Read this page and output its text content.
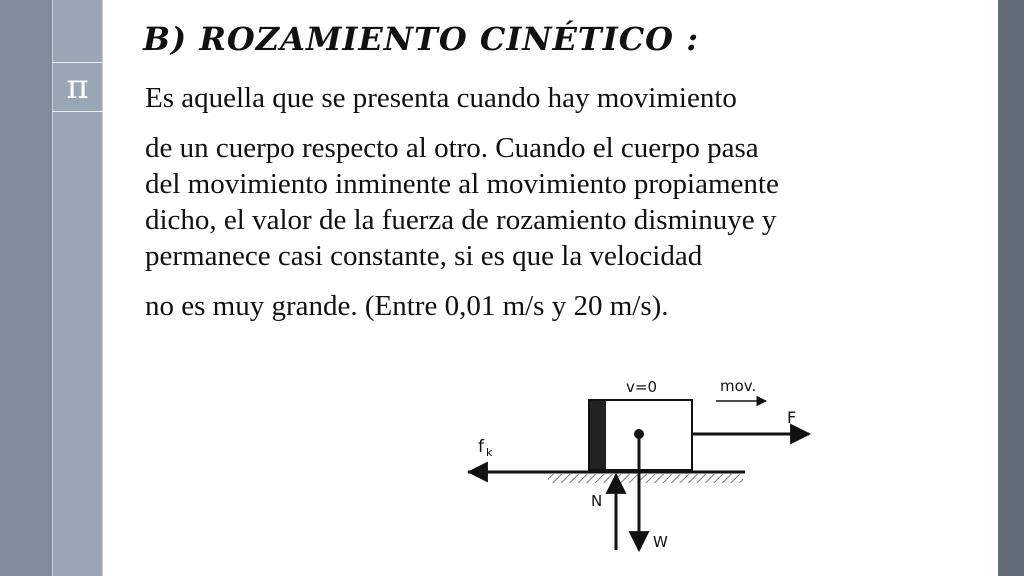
π
B) ROZAMIENTO CINÉTICO :
Es aquella que se presenta cuando hay movimiento
de un cuerpo respecto al otro. Cuando el cuerpo pasa
del movimiento inminente al movimiento propiamente
dicho, el valor de la fuerza de rozamiento disminuye y
permanece casi constante, si es que la velocidad
no es muy grande. (Entre 0,01 m/s y 20 m/s).
v=0	mov.
F
f k
N
W
